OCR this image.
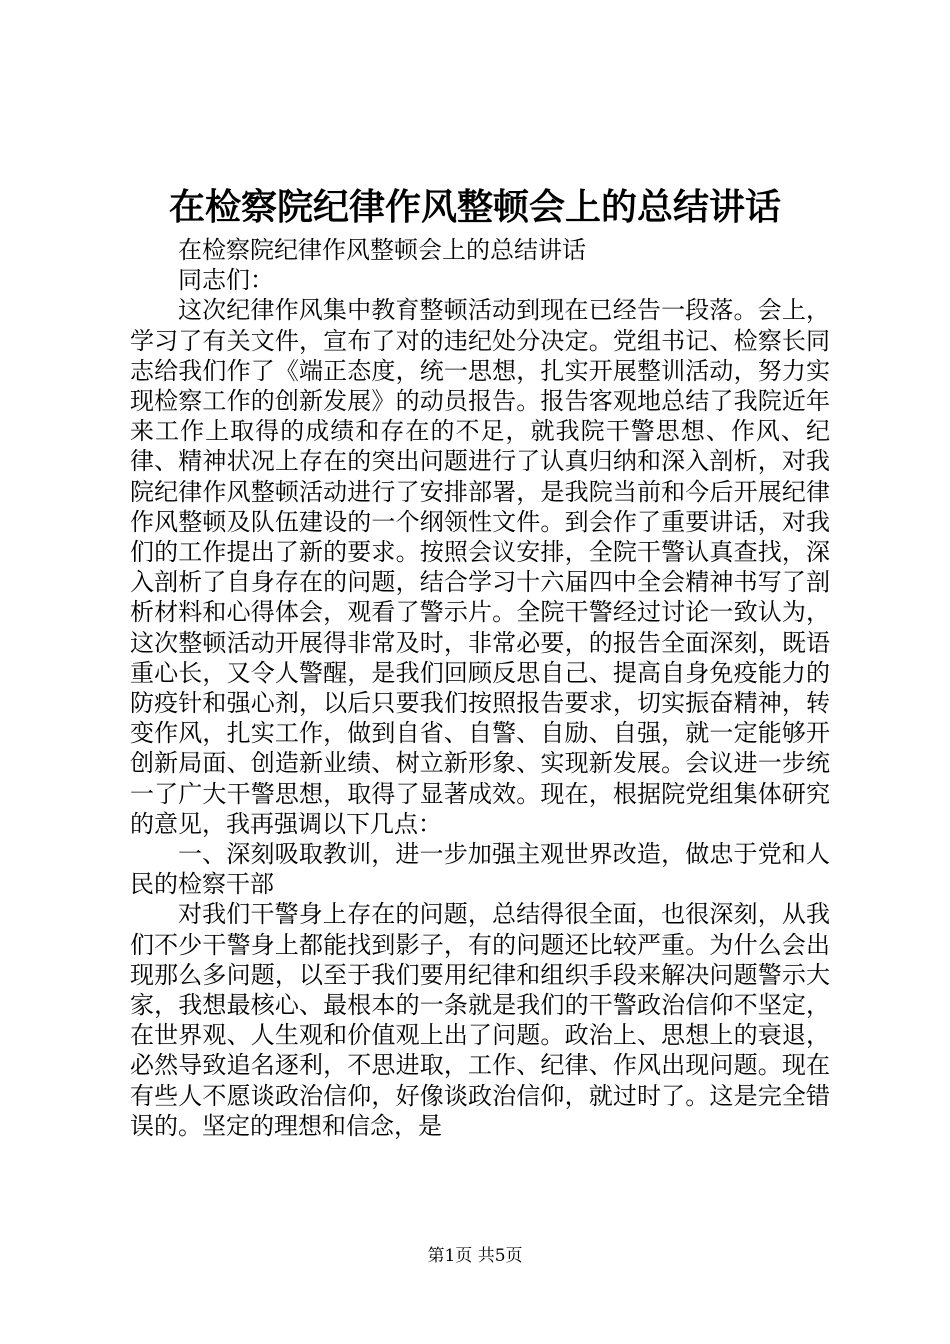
在检察院纪律作风整顿会上的总结讲话

在检察院纪律作风整顿会上的总结讲话

同志们：

这次纪律作风集中教育整顿活动到现在已经告一段落。会上，学习了有关文件，宣布了对的违纪处分决定。党组书记、检察长同志给我们作了《端正态度，统一思想，扎实开展整训活动，努力实现检察工作的创新发展》的动员报告。报告客观地总结了我院近年来工作上取得的成绩和存在的不足，就我院干警思想、作风、纪律、精神状况上存在的突出问题进行了认真归纳和深入剖析，对我院纪律作风整顿活动进行了安排部署，是我院当前和今后开展纪律作风整顿及队伍建设的一个纲领性文件。到会作了重要讲话，对我们的工作提出了新的要求。按照会议安排，全院干警认真查找，深入剖析了自身存在的问题，结合学习十六届四中全会精神书写了剖析材料和心得体会，观看了警示片。全院干警经过讨论一致认为，这次整顿活动开展得非常及时，非常必要，的报告全面深刻，既语重心长，又令人警醒，是我们回顾反思自己、提高自身免疫能力的防疫针和强心剂，以后只要我们按照报告要求，切实振奋精神，转变作风，扎实工作，做到自省、自警、自励、自强，就一定能够开创新局面、创造新业绩、树立新形象、实现新发展。会议进一步统一了广大干警思想，取得了显著成效。现在，根据院党组集体研究的意见，我再强调以下几点：

一、深刻吸取教训，进一步加强主观世界改造，做忠于党和人民的检察干部

对我们干警身上存在的问题，总结得很全面，也很深刻，从我们不少干警身上都能找到影子，有的问题还比较严重。为什么会出现那么多问题，以至于我们要用纪律和组织手段来解决问题警示大家，我想最核心、最根本的一条就是我们的干警政治信仰不坚定，在世界观、人生观和价值观上出了问题。政治上、思想上的衰退，必然导致追名逐利，不思进取，工作、纪律、作风出现问题。现在有些人不愿谈政治信仰，好像谈政治信仰，就过时了。这是完全错误的。坚定的理想和信念，是

第1页 共5页
